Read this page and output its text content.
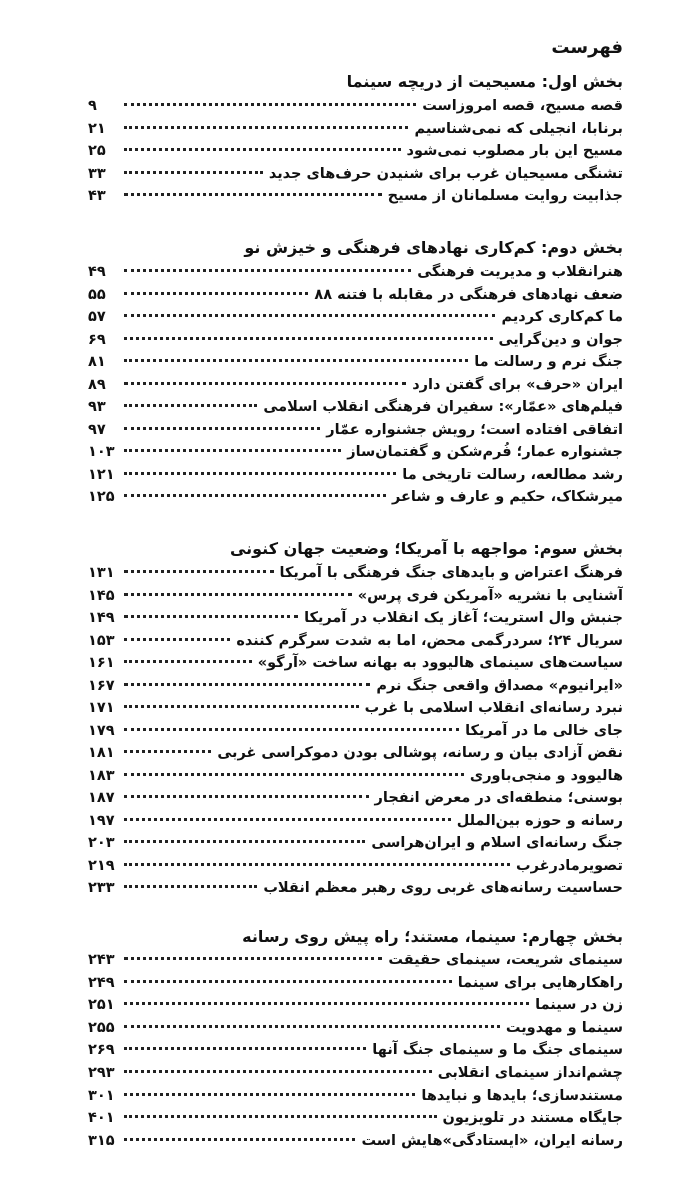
فهرست
بخش اول: مسیحیت از دریچه سینما
قصه مسیح، قصه امروزاست
۹
برنابا، انجیلی که نمی‌شناسیم
۲۱
مسیح این بار مصلوب نمی‌شود
۲۵
تشنگی مسیحیان غرب برای شنیدن حرف‌های جدید
۳۳
جذابیت روایت مسلمانان از مسیح
۴۳
بخش دوم: کم‌کاری نهادهای فرهنگی و خیزش نو
هنرانقلاب و مدیریت فرهنگی
۴۹
ضعف نهادهای فرهنگی در مقابله با فتنه ۸۸
۵۵
ما کم‌کاری کردیم
۵۷
جوان و دین‌گرایی
۶۹
جنگ نرم و رسالت ما
۸۱
ایران «حرف» برای گفتن دارد
۸۹
فیلم‌های «عمّار»: سفیران فرهنگی انقلاب اسلامی
۹۳
اتفاقی افتاده است؛ رویش جشنواره عمّار
۹۷
جشنواره عمار؛ فُرم‌شکن و گفتمان‌ساز
۱۰۳
رشد مطالعه، رسالت تاریخی ما
۱۲۱
میرشکاک، حکیم و عارف و شاعر
۱۲۵
بخش سوم: مواجهه با آمریکا؛ وضعیت جهان کنونی
فرهنگ اعتراض و بایدهای جنگ فرهنگی با آمریکا
۱۳۱
آشنایی با نشریه «آمریکن فری پرس»
۱۴۵
جنبش وال استریت؛ آغاز یک انقلاب در آمریکا
۱۴۹
سریال ۲۴؛ سردرگمی محض، اما به شدت سرگرم کننده
۱۵۳
سیاست‌های سینمای هالیوود به بهانه ساخت «آرگو»
۱۶۱
«ایرانیوم» مصداق واقعی جنگ نرم
۱۶۷
نبرد رسانه‌ای انقلاب اسلامی با غرب
۱۷۱
جای خالی ما در آمریکا
۱۷۹
نقض آزادی بیان و رسانه، پوشالی بودن دموکراسی غربی
۱۸۱
هالیوود و منجی‌باوری
۱۸۳
بوسنی؛ منطقه‌ای در معرض انفجار
۱۸۷
رسانه و حوزه بین‌الملل
۱۹۷
جنگ رسانه‌ای اسلام و ایران‌هراسی
۲۰۳
تصویرمادرغرب
۲۱۹
حساسیت رسانه‌های غربی روی رهبر معظم انقلاب
۲۳۳
بخش چهارم: سینما، مستند؛ راه پیش روی رسانه
سینمای شریعت، سینمای حقیقت
۲۴۳
راهکارهایی برای سینما
۲۴۹
زن در سینما
۲۵۱
سینما و مهدویت
۲۵۵
سینمای جنگ ما و سینمای جنگ آنها
۲۶۹
چشم‌انداز سینمای انقلابی
۲۹۳
مستندسازی؛ بایدها و نبایدها
۳۰۱
جایگاه مستند در تلویزیون
۴۰۱
رسانه ایران، «ایستادگی»هایش است
۳۱۵
